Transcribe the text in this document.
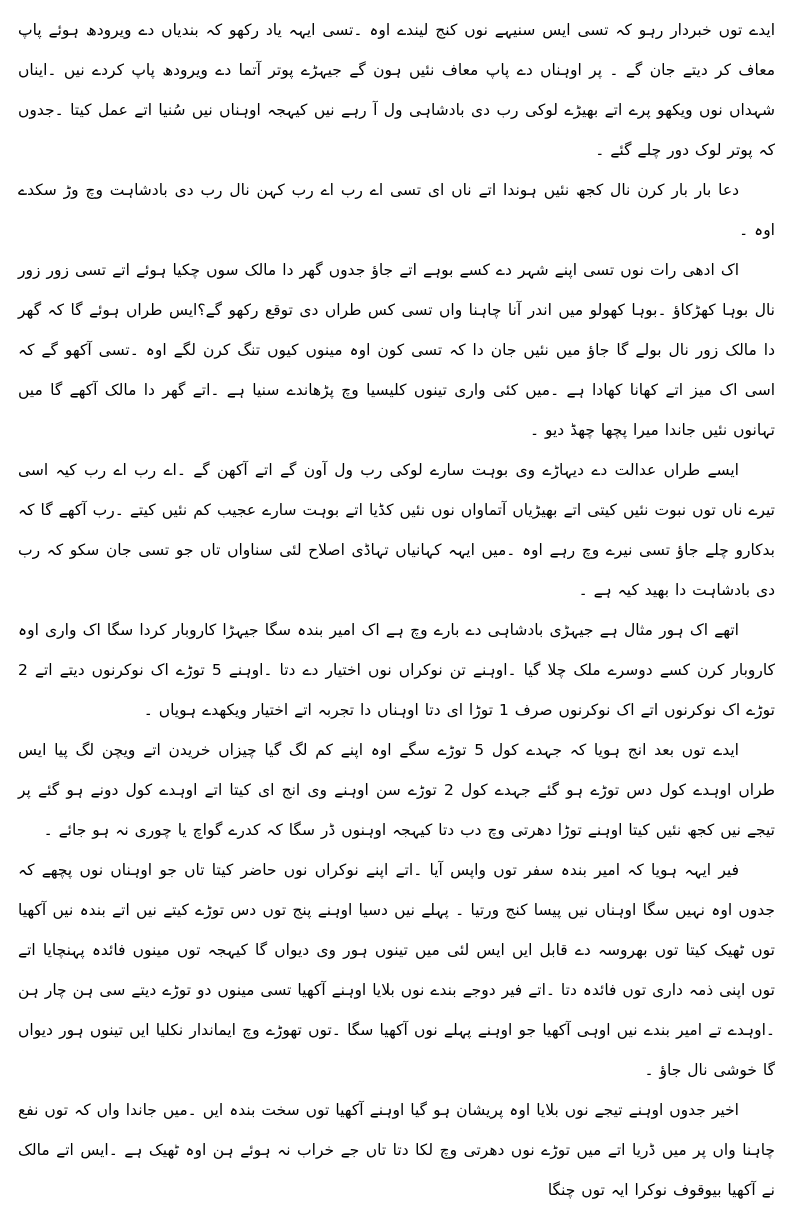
ایدے توں خبردار رہو کہ تسی ایس سنیہے نوں کنج لیندے اوہ ۔تسی ایہہ یاد رکھو کہ بندیاں دے ویرودھ ہوئے پاپ معاف کر دیتے جان گے ۔ پر اوہناں دے پاپ معاف نئیں ہون گے جیہڑے پوتر آتما دے ویرودھ پاپ کردے نیں ۔ایناں شہداں نوں ویکھو پرے اتے بھیڑے لوکی رب دی بادشاہی ول آ رہے نیں کیہجہ اوہناں نیں سُنیا اتے عمل کیتا ۔جدوں کہ پوتر لوک دور چلے گئے ۔

دعا بار بار کرن نال کجھ نئیں ہوندا اتے ناں ای تسی اے رب اے رب کہن نال رب دی بادشاہت وچ وڑ سکدے اوہ ۔

اک ادھی رات نوں تسی اپنے شہر دے کسے بوہے اتے جاؤ جدوں گھر دا مالک سوں چکیا ہوئے اتے تسی زور زور نال بوہا کھڑکاؤ ۔بوہا کھولو میں اندر آنا چاہنا واں تسی کس طراں دی توقع رکھو گے؟ایس طراں ہوئے گا کہ گھر دا مالک زور نال بولے گا جاؤ میں نئیں جان دا کہ تسی کون اوہ مینوں کیوں تنگ کرن لگے اوہ ۔تسی آکھو گے کہ اسی اک میز اتے کھانا کھادا ہے ۔میں کئی واری تینوں کلیسیا وچ پڑھاندے سنیا ہے ۔اتے گھر دا مالک آکھے گا میں تہانوں نئیں جاندا میرا پچھا چھڈ دیو ۔

ایسے طراں عدالت دے دیہاڑے وی بوہت سارے لوکی رب ول آون گے اتے آکھن گے ۔اے رب اے رب کیہ اسی تیرے ناں توں نبوت نئیں کیتی اتے بھیڑیاں آتماواں نوں نئیں کڈیا اتے بوہت سارے عجیب کم نئیں کیتے ۔رب آکھے گا کہ بدکارو چلے جاؤ تسی نیرے وچ رہے اوہ ۔میں ایہہ کہانیاں تہاڈی اصلاح لئی سناواں تاں جو تسی جان سکو کہ رب دی بادشاہت دا بھید کیہ ہے ۔

اتھے اک ہور مثال ہے جیہڑی بادشاہی دے بارے وچ ہے اک امیر بندہ سگا جیہڑا کاروبار کردا سگا اک واری اوہ کاروبار کرن کسے دوسرے ملک چلا گیا ۔اوہنے تن نوکراں نوں اختیار دے دتا ۔اوہنے 5 توڑے اک نوکرنوں دیتے اتے 2 توڑے اک نوکرنوں اتے اک نوکرنوں صرف 1 توڑا ای دتا اوہناں دا تجربہ اتے اختیار ویکھدے ہویاں ۔

ایدے توں بعد انج ہویا کہ جہدے کول 5 توڑے سگے اوہ اپنے کم لگ گیا چیزاں خریدن اتے ویچن لگ پیا ایس طراں اوہدے کول دس توڑے ہو گئے جہدے کول 2 توڑے سن اوہنے وی انج ای کیتا اتے اوہدے کول دونے ہو گئے پر تیجے نیں کجھ نئیں کیتا اوہنے توڑا دھرتی وچ دب دتا کیہجہ اوہنوں ڈر سگا کہ کدرے گواچ یا چوری نہ ہو جائے ۔

فیر ایہہ ہویا کہ امیر بندہ سفر توں واپس آیا ۔اتے اپنے نوکراں نوں حاضر کیتا تاں جو اوہناں نوں پچھے کہ جدوں اوہ نہیں سگا اوہناں نیں پیسا کنج ورتیا ۔ پہلے نیں دسیا اوہنے پنج توں دس توڑے کیتے نیں اتے بندہ نیں آکھیا توں ٹھیک کیتا توں بھروسہ دے قابل ایں ایس لئی میں تینوں ہور وی دیواں گا کیہجہ توں مینوں فائدہ پہنچایا اتے توں اپنی ذمہ داری توں فائدہ دتا ۔اتے فیر دوجے بندے نوں بلایا اوہنے آکھیا تسی مینوں دو توڑے دیتے سی ہن چار ہن ۔اوہدے تے امیر بندے نیں اوہی آکھیا جو اوہنے پہلے نوں آکھیا سگا ۔توں تھوڑے وچ ایماندار نکلیا ایں تینوں ہور دیواں گا خوشی نال جاؤ ۔

اخیر جدوں اوہنے تیجے نوں بلایا اوہ پریشان ہو گیا اوہنے آکھیا توں سخت بندہ ایں ۔میں جاندا واں کہ توں نفع چاہنا واں پر میں ڈریا اتے میں توڑے نوں دھرتی وچ لکا دتا تاں جے خراب نہ ہوئے ہن اوہ ٹھیک ہے ۔ایس اتے مالک نے آکھیا بیوقوف نوکرا ایہ توں چنگا
